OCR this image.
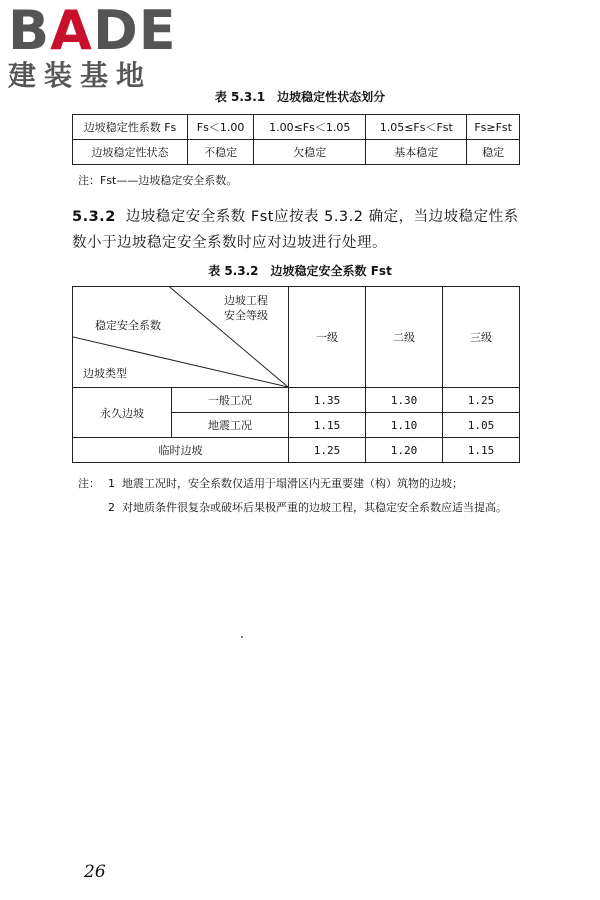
BADE
建装基地
表 5.3.1 边坡稳定性状态划分
边坡稳定性系数 Fs	Fs＜1.00	1.00≤Fs＜1.05	1.05≤Fs＜Fst	Fs≥Fst
边坡稳定性状态	不稳定	欠稳定	基本稳定	稳定
注：Fst——边坡稳定安全系数。
5.3.2 边坡稳定安全系数 Fst应按表 5.3.2 确定，当边坡稳定性系数小于边坡稳定安全系数时应对边坡进行处理。
表 5.3.2 边坡稳定安全系数 Fst
边坡工程
安全等级
稳定安全系数
边坡类型		一级	二级	三级
永久边坡	一般工况	1.35	1.30	1.25
	地震工况	1.15	1.10	1.05
临时边坡		1.25	1.20	1.15
注： 1 地震工况时，安全系数仅适用于塌滑区内无重要建（构）筑物的边坡；
2 对地质条件很复杂或破坏后果极严重的边坡工程，其稳定安全系数应适当提高。
26
